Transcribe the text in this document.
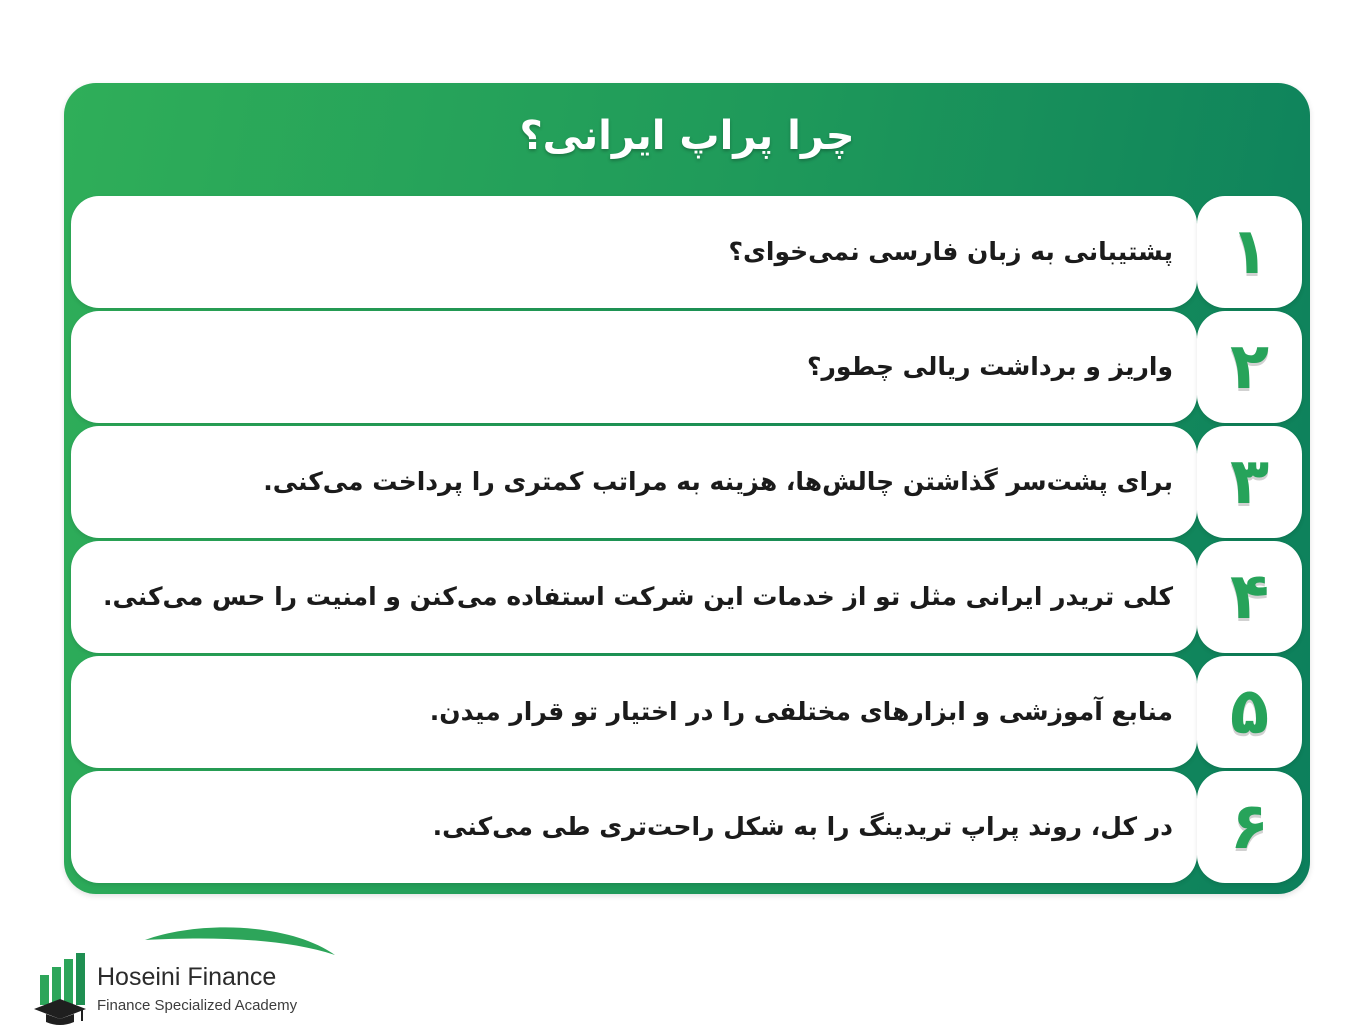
چرا پراپ ایرانی؟
پشتیبانی به زبان فارسی نمی‌خوای؟ ۱
واریز و برداشت ریالی چطور؟ ۲
برای پشت‌سر گذاشتن چالش‌ها، هزینه به مراتب کمتری را پرداخت می‌کنی. ۳
کلی تریدر ایرانی مثل تو از خدمات این شرکت استفاده می‌کنن و امنیت را حس می‌کنی. ۴
منابع آموزشی و ابزارهای مختلفی را در اختیار تو قرار میدن. ۵
در کل، روند پراپ تریدینگ را به شکل راحت‌تری طی می‌کنی. ۶
Hoseini Finance
Finance Specialized Academy
